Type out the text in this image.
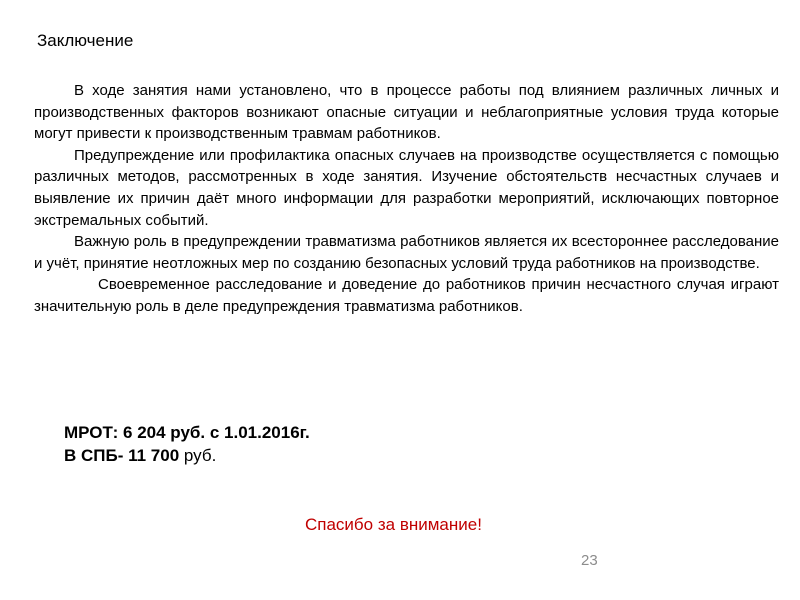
Заключение

В ходе занятия нами установлено, что в процессе работы под влиянием различных личных и производственных факторов возникают опасные ситуации и неблагоприятные условия труда которые могут привести к производственным травмам работников.

Предупреждение или профилактика опасных случаев на производстве осуществляется с помощью различных методов, рассмотренных в ходе занятия. Изучение обстоятельств несчастных случаев и выявление их причин даёт много информации для разработки мероприятий, исключающих повторное экстремальных событий.

Важную роль в предупреждении травматизма работников является их всестороннее расследование и учёт, принятие неотложных мер по созданию безопасных условий труда работников на производстве.

Своевременное расследование и доведение до работников причин несчастного случая играют значительную роль в деле предупреждения травматизма работников.

МРОТ: 6 204 руб. с 1.01.2016г.
В СПБ- 11 700 руб.
Спасибо за внимание!
23
